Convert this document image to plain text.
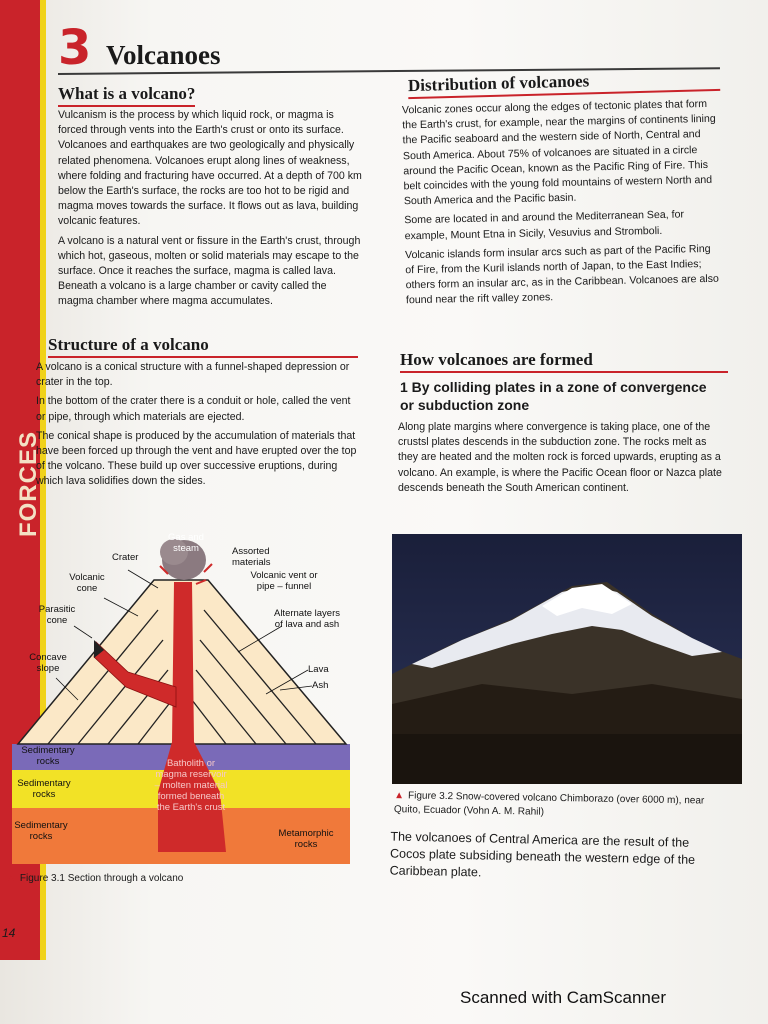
FORCES
3 Volcanoes
What is a volcano?

Vulcanism is the process by which liquid rock, or magma is forced through vents into the Earth's crust or onto its surface. Volcanoes and earthquakes are two geologically and physically related phenomena. Volcanoes erupt along lines of weakness, where folding and fracturing have occurred. At a depth of 700 km below the Earth's surface, the rocks are too hot to be rigid and magma moves towards the surface. It flows out as lava, building volcanic features.

A volcano is a natural vent or fissure in the Earth's crust, through which hot, gaseous, molten or solid materials may escape to the surface. Once it reaches the surface, magma is called lava. Beneath a volcano is a large chamber or cavity called the magma chamber where magma accumulates.

Structure of a volcano

A volcano is a conical structure with a funnel-shaped depression or crater in the top.

In the bottom of the crater there is a conduit or hole, called the vent or pipe, through which materials are ejected.

The conical shape is produced by the accumulation of materials that have been forced up through the vent and have erupted over the top of the volcano. These build up over successive eruptions, during which lava solidifies down the sides.

Gas and steam
Crater
Assorted materials
Volcanic vent or pipe – funnel
Volcanic cone
Parasitic cone
Alternate layers of lava and ash
Concave slope	Lava
Ash
Sedimentary rocks
Sedimentary rocks
Sedimentary rocks
Batholith or magma reservoir – molten material formed beneath the Earth's crust
Metamorphic rocks
▲ Figure 3.1 Section through a volcano
Distribution of volcanoes

Volcanic zones occur along the edges of tectonic plates that form the Earth's crust, for example, near the margins of continents lining the Pacific seaboard and the western side of North, Central and South America. About 75% of volcanoes are situated in a circle around the Pacific Ocean, known as the Pacific Ring of Fire. This belt coincides with the young fold mountains of western North and South America and the Pacific basin.

Some are located in and around the Mediterranean Sea, for example, Mount Etna in Sicily, Vesuvius and Stromboli.

Volcanic islands form insular arcs such as part of the Pacific Ring of Fire, from the Kuril islands north of Japan, to the East Indies; others form an insular arc, as in the Caribbean. Volcanoes are also found near the rift valley zones.

How volcanoes are formed
1 By colliding plates in a zone of convergence or subduction zone

Along plate margins where convergence is taking place, one of the crustsl plates descends in the subduction zone. The rocks melt as they are heated and the molten rock is forced upwards, erupting as a volcano. An example, is where the Pacific Ocean floor or Nazca plate descends beneath the South American continent.

▲ Figure 3.2 Snow-covered volcano Chimborazo (over 6000 m), near Quito, Ecuador (Vohn A. M. Rahil)
The volcanoes of Central America are the result of the Cocos plate subsiding beneath the western edge of the Caribbean plate.
14
Scanned with CamScanner
